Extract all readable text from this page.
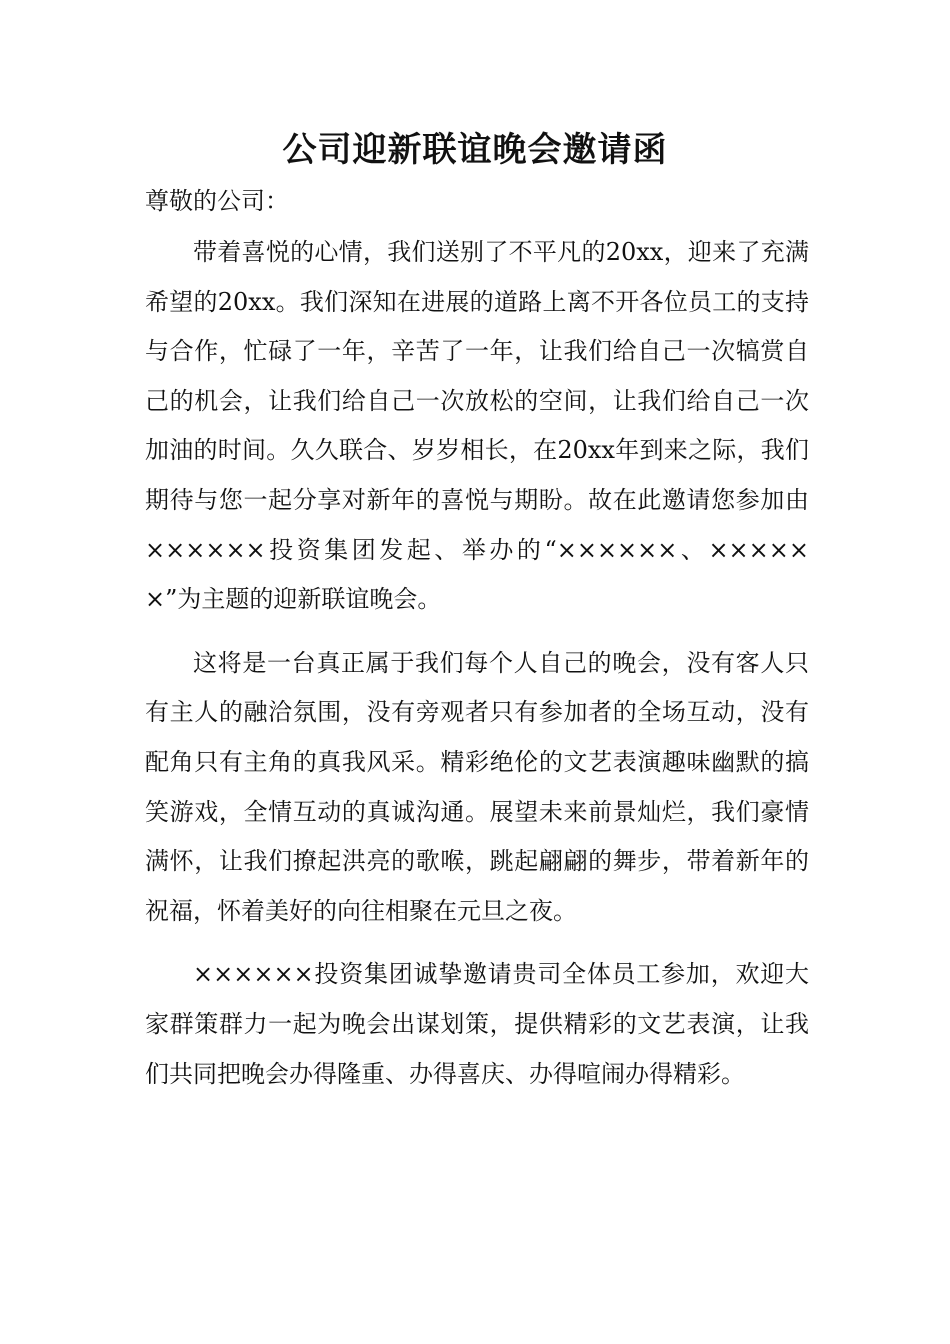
公司迎新联谊晚会邀请函

尊敬的公司：

带着喜悦的心情，我们送别了不平凡的20xx，迎来了充满希望的20xx。我们深知在进展的道路上离不开各位员工的支持与合作，忙碌了一年，辛苦了一年，让我们给自己一次犒赏自己的机会，让我们给自己一次放松的空间，让我们给自己一次加油的时间。久久联合、岁岁相长，在20xx年到来之际，我们期待与您一起分享对新年的喜悦与期盼。故在此邀请您参加由××××××投资集团发起、举办的“××××××、××××××”为主题的迎新联谊晚会。

这将是一台真正属于我们每个人自己的晚会，没有客人只有主人的融洽氛围，没有旁观者只有参加者的全场互动，没有配角只有主角的真我风采。精彩绝伦的文艺表演趣味幽默的搞笑游戏，全情互动的真诚沟通。展望未来前景灿烂，我们豪情满怀，让我们撩起洪亮的歌喉，跳起翩翩的舞步，带着新年的祝福，怀着美好的向往相聚在元旦之夜。

××××××投资集团诚挚邀请贵司全体员工参加，欢迎大家群策群力一起为晚会出谋划策，提供精彩的文艺表演，让我们共同把晚会办得隆重、办得喜庆、办得喧闹办得精彩。
